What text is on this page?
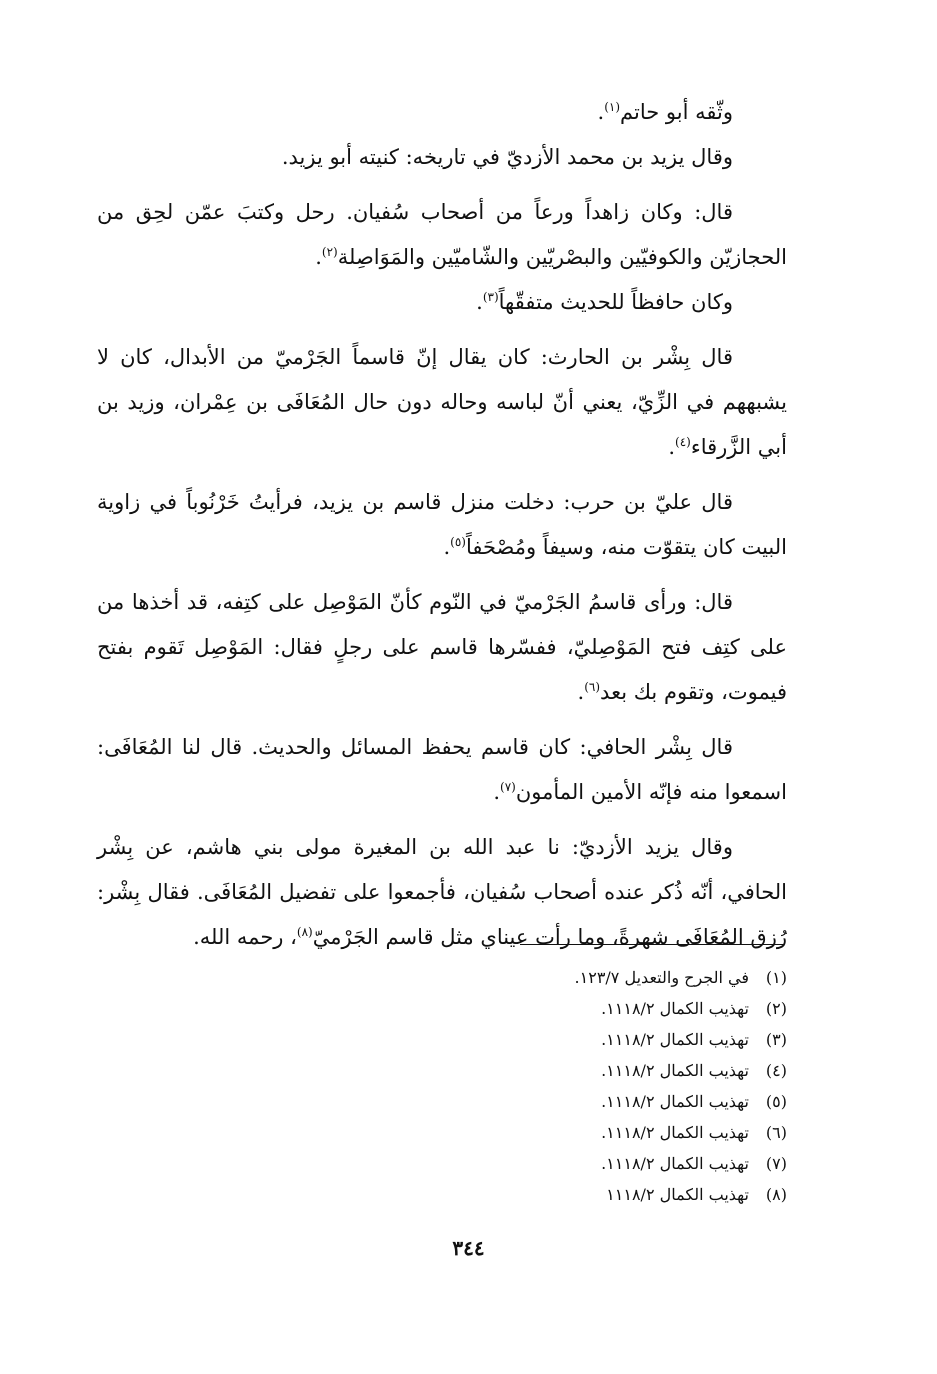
وثّقه أبو حاتم$^{(١)}$.

وقال يزيد بن محمد الأزديّ في تاريخه: كنيته أبو يزيد.

قال: وكان زاهداً ورعاً من أصحاب سُفيان. رحل وكتبَ عمّن لحِق من الحجازيّن والكوفيّين والبصْريّين والشّاميّين والمَوَاصِلة$^{(٢)}$.

وكان حافظاً للحديث متفقّهاً$^{(٣)}$.

قال بِشْر بن الحارث: كان يقال إنّ قاسماً الجَرْميّ من الأبدال، كان لا يشبههم في الزِّيّ، يعني أنّ لباسه وحاله دون حال المُعَافَى بن عِمْران، وزيد بن أبي الزَّرقاء$^{(٤)}$.

قال عليّ بن حرب: دخلت منزل قاسم بن يزيد، فرأيتُ خَرْنُوباً في زاوية البيت كان يتقوّت منه، وسيفاً ومُصْحَفاً$^{(٥)}$.

قال: ورأى قاسمُ الجَرْميّ في النّوم كأنّ المَوْصِل على كتِفه، قد أخذها من على كتِف فتح المَوْصِليّ، ففسّرها قاسم على رجلٍ فقال: المَوْصِل تَقوم بفتح فيموت، وتقوم بك بعد$^{(٦)}$.

قال بِشْر الحافي: كان قاسم يحفظ المسائل والحديث. قال لنا المُعَافَى: اسمعوا منه فإنّه الأمين المأمون$^{(٧)}$.

وقال يزيد الأزديّ: نا عبد الله بن المغيرة مولى بني هاشم، عن بِشْر الحافي، أنّه ذُكر عنده أصحاب سُفيان، فأجمعوا على تفضيل المُعَافَى. فقال بِشْر: رُزق المُعَافَى شهرةً، وما رأت عيناي مثل قاسم الجَرْميّ$^{(٨)}$، رحمه الله.

(١)في الجرح والتعديل ١٢٣/٧.
(٢)تهذيب الكمال ١١١٨/٢.
(٣)تهذيب الكمال ١١١٨/٢.
(٤)تهذيب الكمال ١١١٨/٢.
(٥)تهذيب الكمال ١١١٨/٢.
(٦)تهذيب الكمال ١١١٨/٢.
(٧)تهذيب الكمال ١١١٨/٢.
(٨)تهذيب الكمال ١١١٨/٢
٣٤٤
